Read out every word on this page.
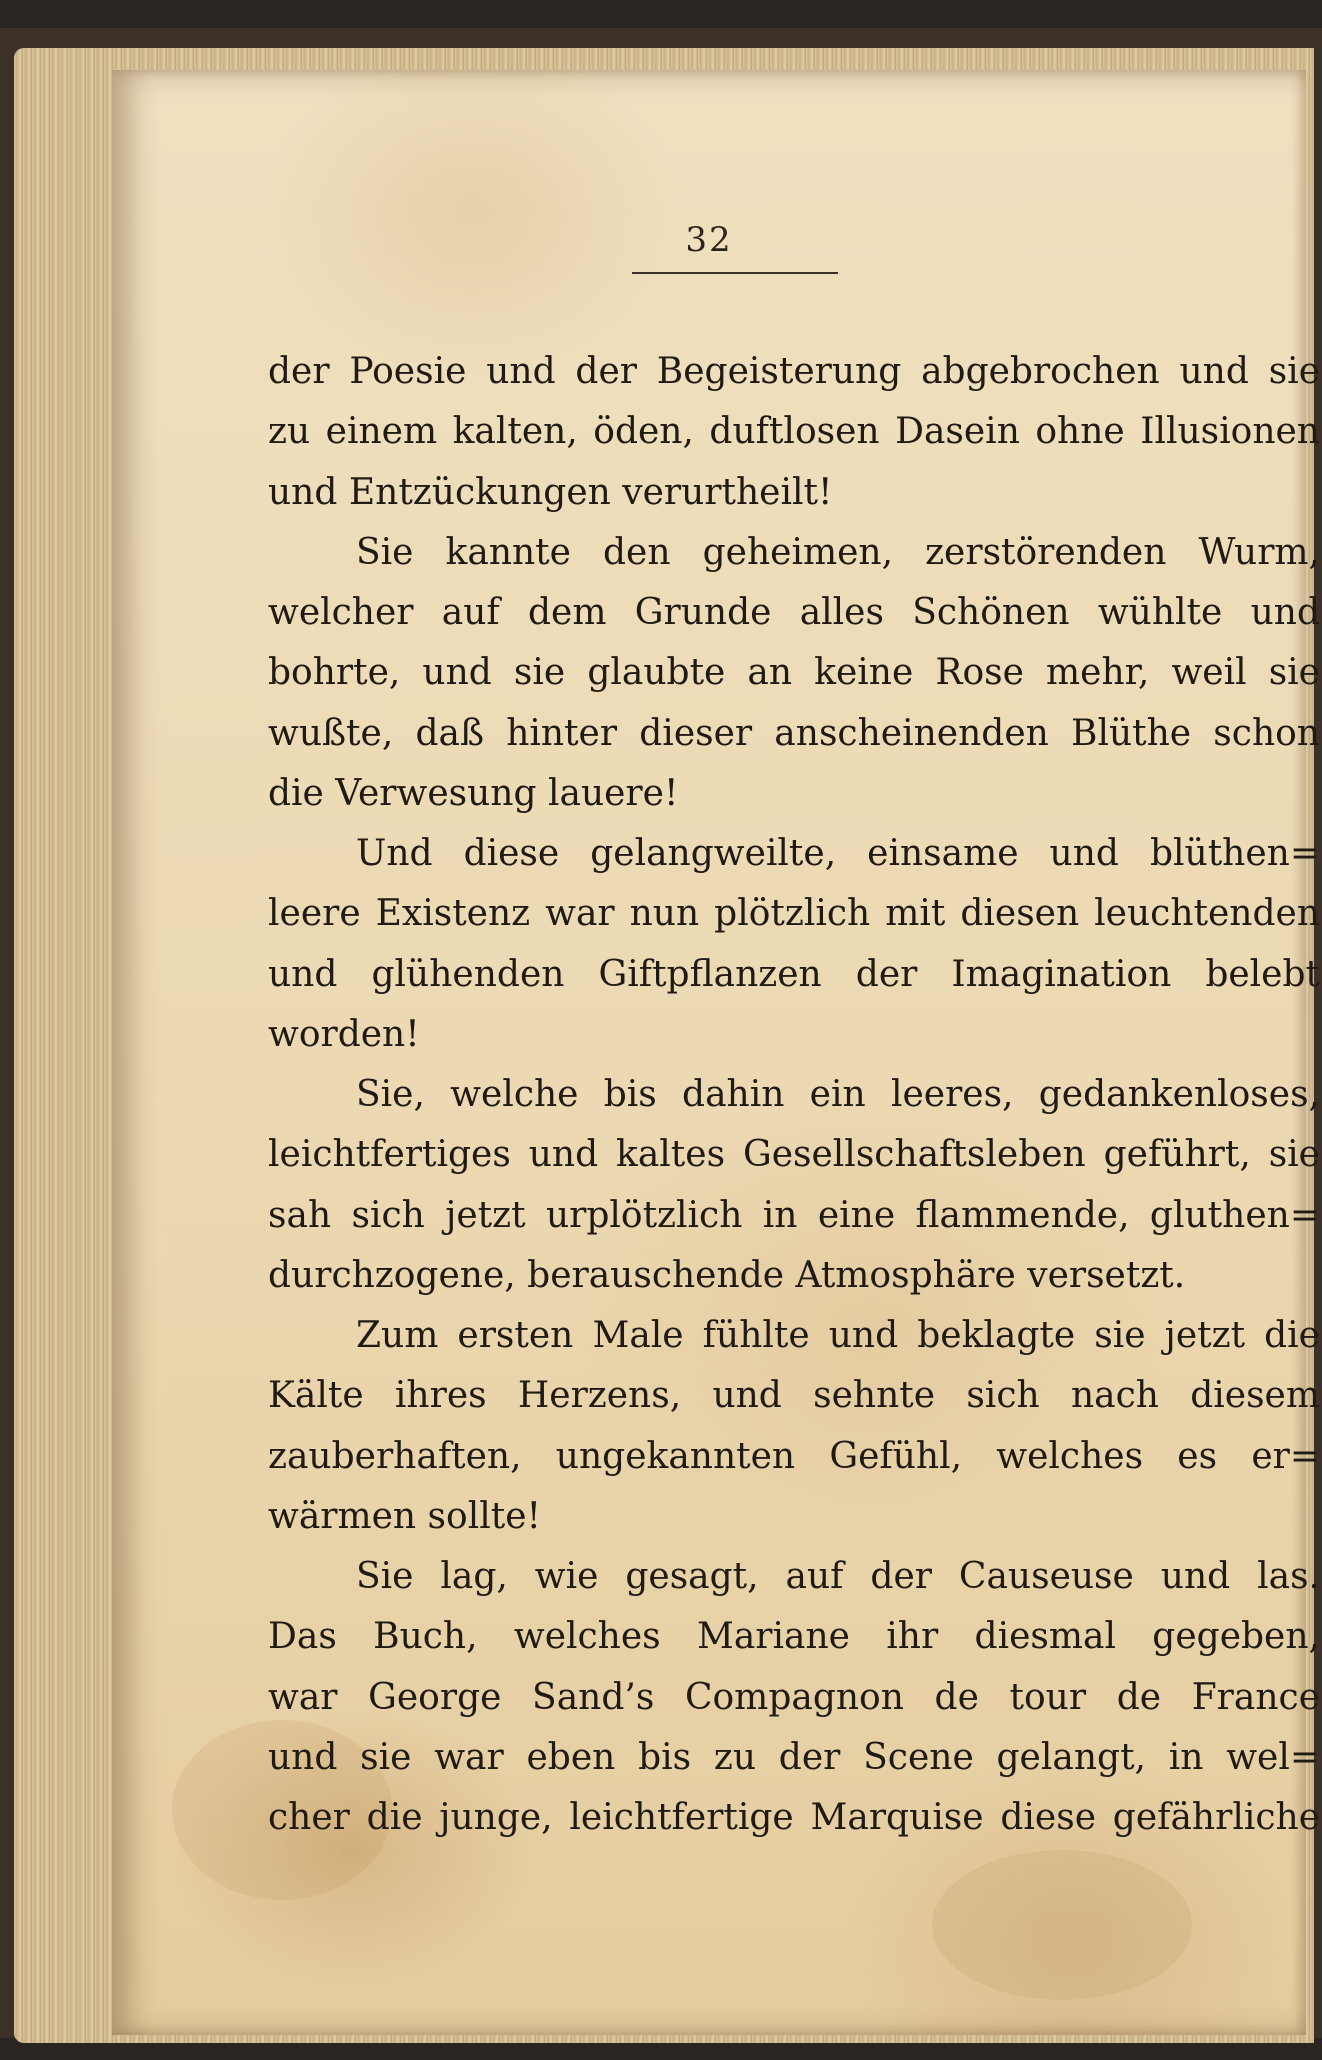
32
der Poesie und der Begeisterung abgebrochen und sie
zu einem kalten, öden, duftlosen Dasein ohne Illusionen
und Entzückungen verurtheilt!
Sie kannte den geheimen, zerstörenden Wurm,
welcher auf dem Grunde alles Schönen wühlte und
bohrte, und sie glaubte an keine Rose mehr, weil sie
wußte, daß hinter dieser anscheinenden Blüthe schon
die Verwesung lauere!
Und diese gelangweilte, einsame und blüthen=
leere Existenz war nun plötzlich mit diesen leuchtenden
und glühenden Giftpflanzen der Imagination belebt
worden!
Sie, welche bis dahin ein leeres, gedankenloses,
leichtfertiges und kaltes Gesellschaftsleben geführt, sie
sah sich jetzt urplötzlich in eine flammende, gluthen=
durchzogene, berauschende Atmosphäre versetzt.
Zum ersten Male fühlte und beklagte sie jetzt die
Kälte ihres Herzens, und sehnte sich nach diesem
zauberhaften, ungekannten Gefühl, welches es er=
wärmen sollte!
Sie lag, wie gesagt, auf der Causeuse und las.
Das Buch, welches Mariane ihr diesmal gegeben,
war George Sand’s Compagnon de tour de France
und sie war eben bis zu der Scene gelangt, in wel=
cher die junge, leichtfertige Marquise diese gefährliche
